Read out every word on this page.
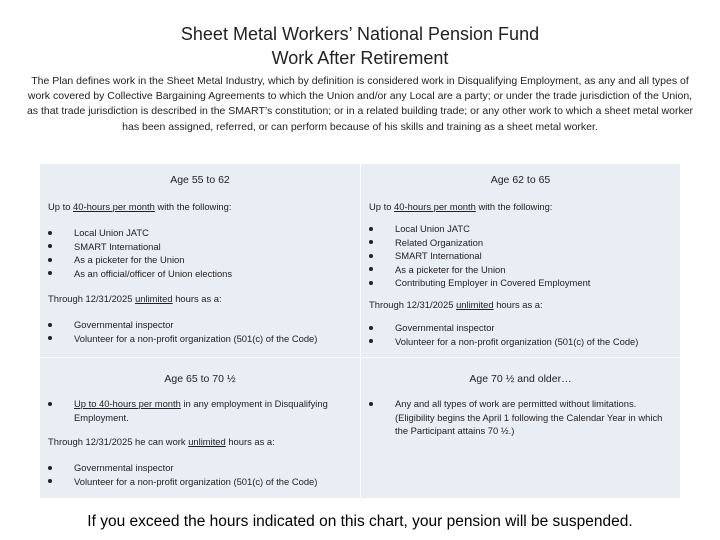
Sheet Metal Workers’ National Pension Fund
Work After Retirement
The Plan defines work in the Sheet Metal Industry, which by definition is considered work in Disqualifying Employment, as any and all types of work covered by Collective Bargaining Agreements to which the Union and/or any Local are a party; or under the trade jurisdiction of the Union, as that trade jurisdiction is described in the SMART’s constitution; or in a related building trade; or any other work to which a sheet metal worker has been assigned, referred, or can perform because of his skills and training as a sheet metal worker.
Age 55 to 62
Up to 40-hours per month with the following:
Local Union JATC
SMART International
As a picketer for the Union
As an official/officer of Union elections
Through 12/31/2025 unlimited hours as a:
Governmental inspector
Volunteer for a non-profit organization (501(c) of the Code)
Age 62 to 65
Up to 40-hours per month with the following:
Local Union JATC
Related Organization
SMART International
As a picketer for the Union
Contributing Employer in Covered Employment
Through 12/31/2025 unlimited hours as a:
Governmental inspector
Volunteer for a non-profit organization (501(c) of the Code)
Age 65 to 70 ½
Up to 40-hours per month in any employment in Disqualifying Employment.
Through 12/31/2025 he can work unlimited hours as a:
Governmental inspector
Volunteer for a non-profit organization (501(c) of the Code)
Age 70 ½ and older…
Any and all types of work are permitted without limitations. (Eligibility begins the April 1 following the Calendar Year in which the Participant attains 70 ½.)
If you exceed the hours indicated on this chart, your pension will be suspended.
